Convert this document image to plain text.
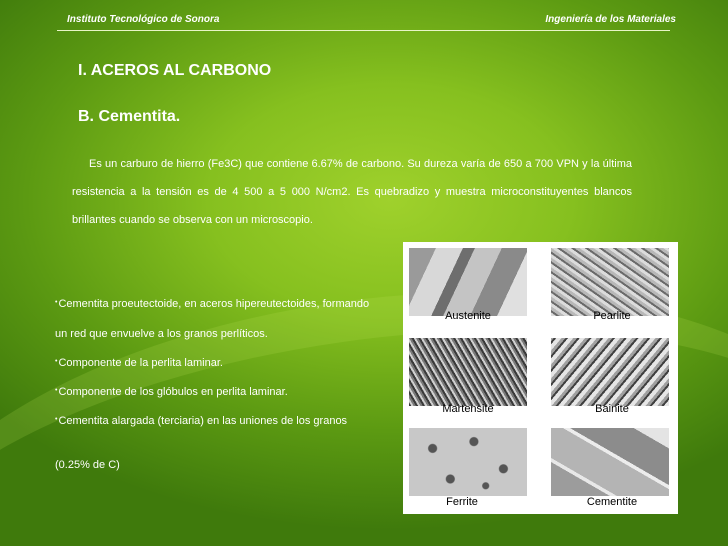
Instituto Tecnológico de Sonora	Ingeniería de los Materiales
I. ACEROS AL CARBONO
B. Cementita.
Es un carburo de hierro (Fe3C) que contiene 6.67% de carbono. Su dureza varía de 650 a 700 VPN y la última resistencia a la tensión es de 4 500 a 5 000 N/cm2. Es quebradizo y muestra microconstituyentes blancos brillantes cuando se observa con un microscopio.
•Cementita proeutectoide, en aceros hipereutectoides, formando
un red que envuelve a los granos perlíticos.
•Componente de la perlita laminar.
•Componente de los glóbulos en perlita laminar.
•Cementita alargada (terciaria) en las uniones de los granos
(0.25% de C)
Austenite	Pearlite
Martensite	Bainite
Ferrite	Cementite
